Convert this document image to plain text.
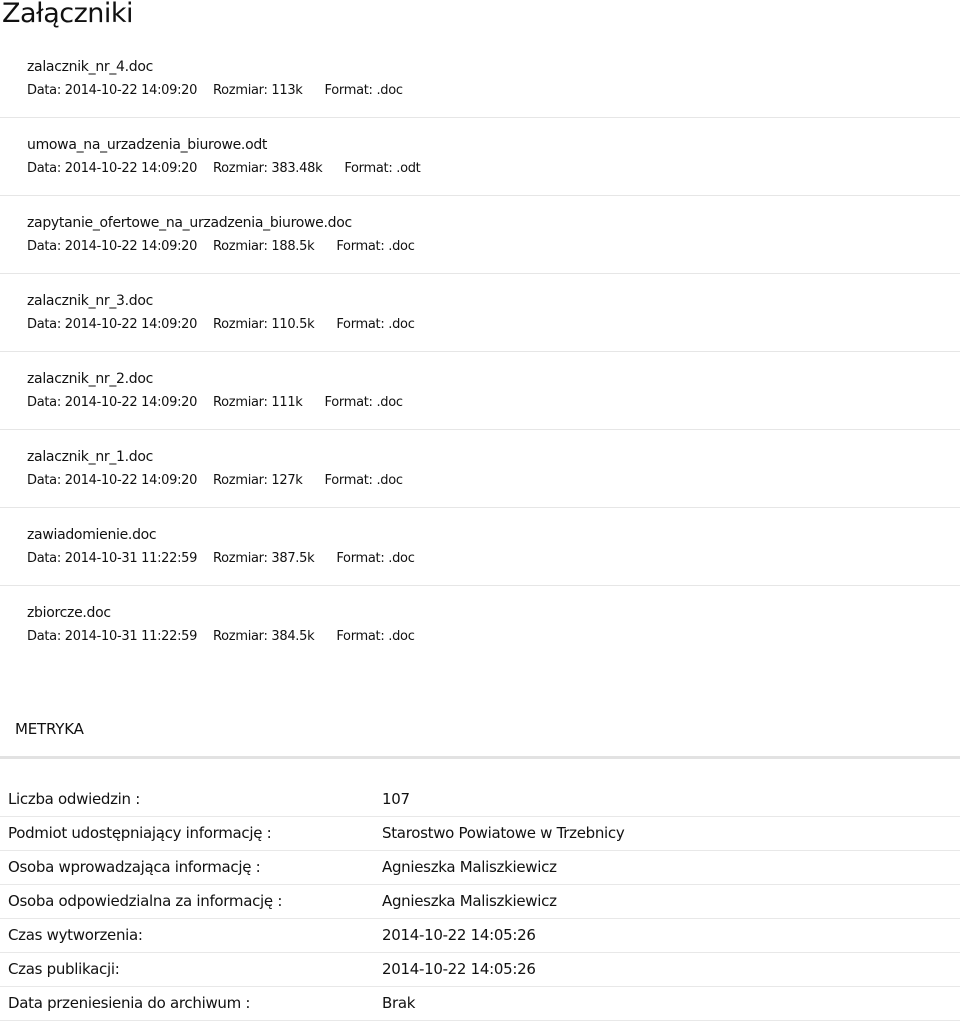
Załączniki
zalacznik_nr_4.doc
Data: 2014-10-22 14:09:20 Rozmiar: 113k Format: .doc
umowa_na_urzadzenia_biurowe.odt
Data: 2014-10-22 14:09:20 Rozmiar: 383.48k Format: .odt
zapytanie_ofertowe_na_urzadzenia_biurowe.doc
Data: 2014-10-22 14:09:20 Rozmiar: 188.5k Format: .doc
zalacznik_nr_3.doc
Data: 2014-10-22 14:09:20 Rozmiar: 110.5k Format: .doc
zalacznik_nr_2.doc
Data: 2014-10-22 14:09:20 Rozmiar: 111k Format: .doc
zalacznik_nr_1.doc
Data: 2014-10-22 14:09:20 Rozmiar: 127k Format: .doc
zawiadomienie.doc
Data: 2014-10-31 11:22:59 Rozmiar: 387.5k Format: .doc
zbiorcze.doc
Data: 2014-10-31 11:22:59 Rozmiar: 384.5k Format: .doc
METRYKA
Liczba odwiedzin :	107
Podmiot udostępniający informację :	Starostwo Powiatowe w Trzebnicy
Osoba wprowadzająca informację :	Agnieszka Maliszkiewicz
Osoba odpowiedzialna za informację :	Agnieszka Maliszkiewicz
Czas wytworzenia:	2014-10-22 14:05:26
Czas publikacji:	2014-10-22 14:05:26
Data przeniesienia do archiwum :	Brak
